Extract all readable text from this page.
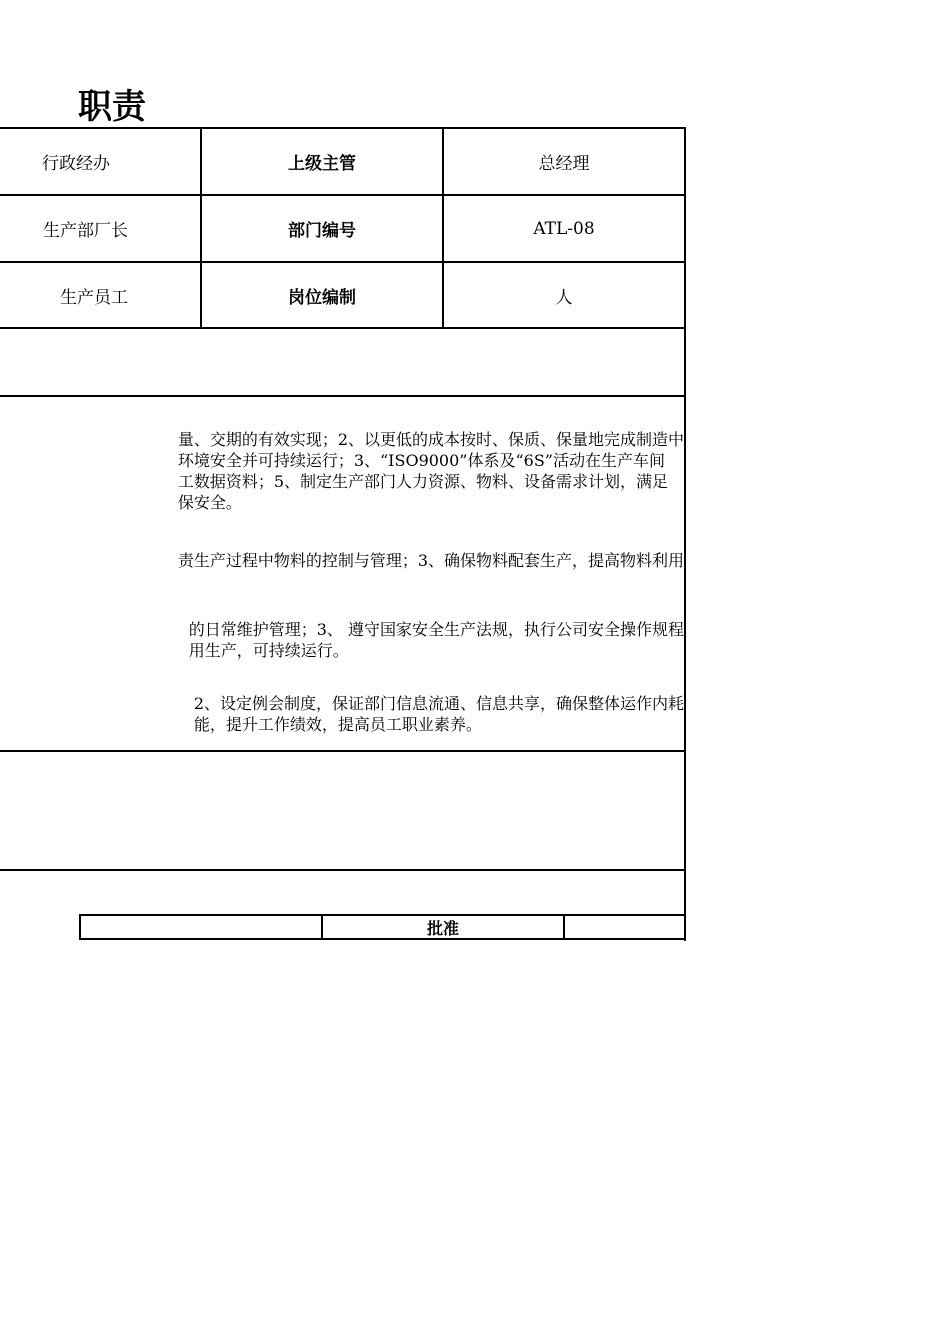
职责
行政经办	上级主管	总经理
生产部厂长	部门编号	ATL-08
生产员工	岗位编制	人
量、交期的有效实现；2、以更低的成本按时、保质、保量地完成制造中
环境安全并可持续运行；3、“ISO9000”体系及“6S”活动在生产车间
工数据资料；5、制定生产部门人力资源、物料、设备需求计划，满足
保安全。
责生产过程中物料的控制与管理；3、确保物料配套生产，提高物料利用
的日常维护管理；3、 遵守国家安全生产法规，执行公司安全操作规程
用生产，可持续运行。
2、设定例会制度，保证部门信息流通、信息共享，确保整体运作内耗
能，提升工作绩效，提高员工职业素养。
批准
